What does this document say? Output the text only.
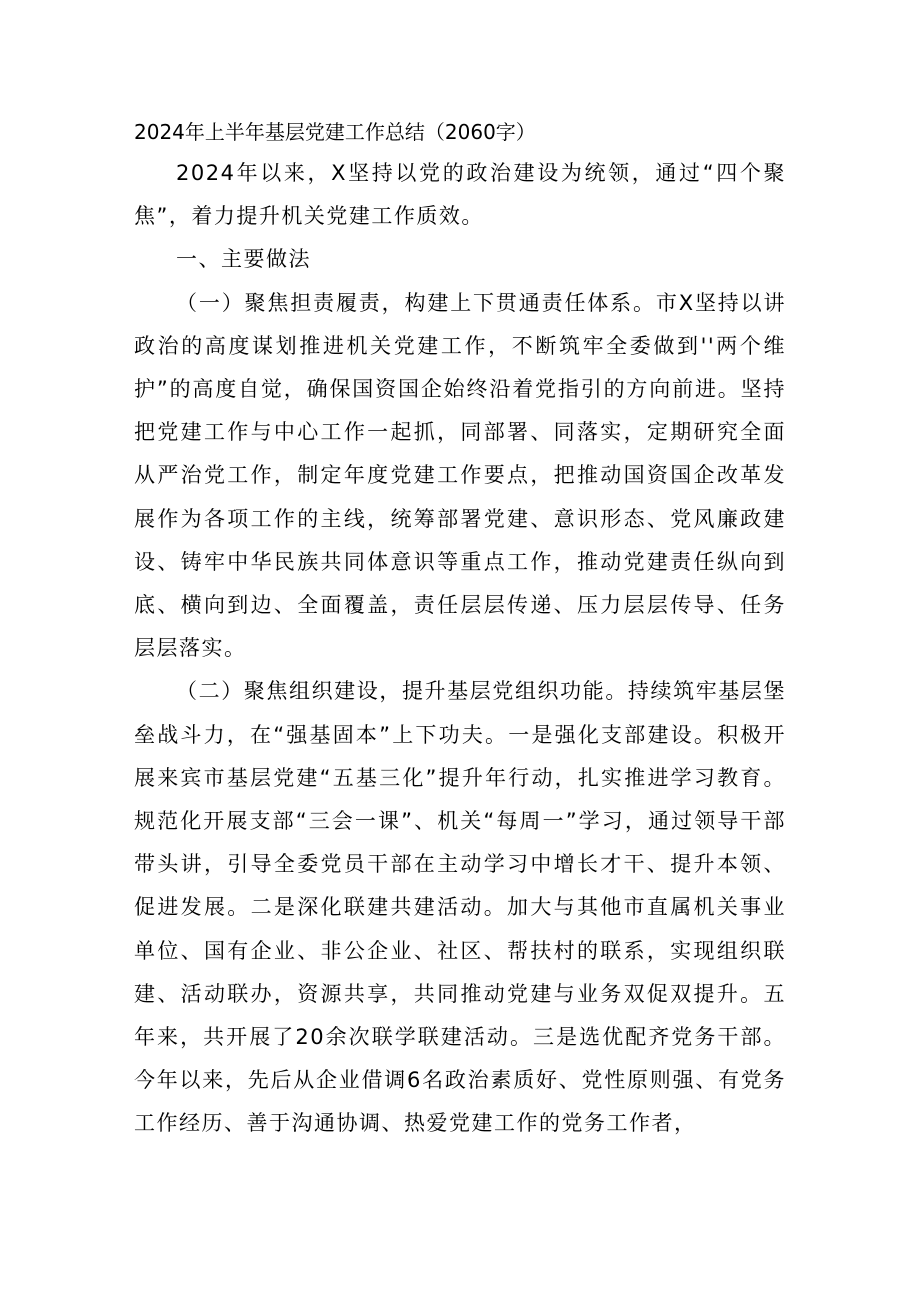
2024年上半年基层党建工作总结（2060字）

2024年以来，X坚持以党的政治建设为统领，通过“四个聚焦”，着力提升机关党建工作质效。

一、主要做法

（一）聚焦担责履责，构建上下贯通责任体系。市X坚持以讲政治的高度谋划推进机关党建工作，不断筑牢全委做到''两个维护”的高度自觉，确保国资国企始终沿着党指引的方向前进。坚持把党建工作与中心工作一起抓，同部署、同落实，定期研究全面从严治党工作，制定年度党建工作要点，把推动国资国企改革发展作为各项工作的主线，统筹部署党建、意识形态、党风廉政建设、铸牢中华民族共同体意识等重点工作，推动党建责任纵向到底、横向到边、全面覆盖，责任层层传递、压力层层传导、任务层层落实。

（二）聚焦组织建设，提升基层党组织功能。持续筑牢基层堡垒战斗力，在“强基固本”上下功夫。一是强化支部建设。积极开展来宾市基层党建“五基三化”提升年行动，扎实推进学习教育。规范化开展支部“三会一课”、机关“每周一”学习，通过领导干部带头讲，引导全委党员干部在主动学习中增长才干、提升本领、促进发展。二是深化联建共建活动。加大与其他市直属机关事业单位、国有企业、非公企业、社区、帮扶村的联系，实现组织联建、活动联办，资源共享，共同推动党建与业务双促双提升。五年来，共开展了20余次联学联建活动。三是选优配齐党务干部。今年以来，先后从企业借调6名政治素质好、党性原则强、有党务工作经历、善于沟通协调、热爱党建工作的党务工作者，
